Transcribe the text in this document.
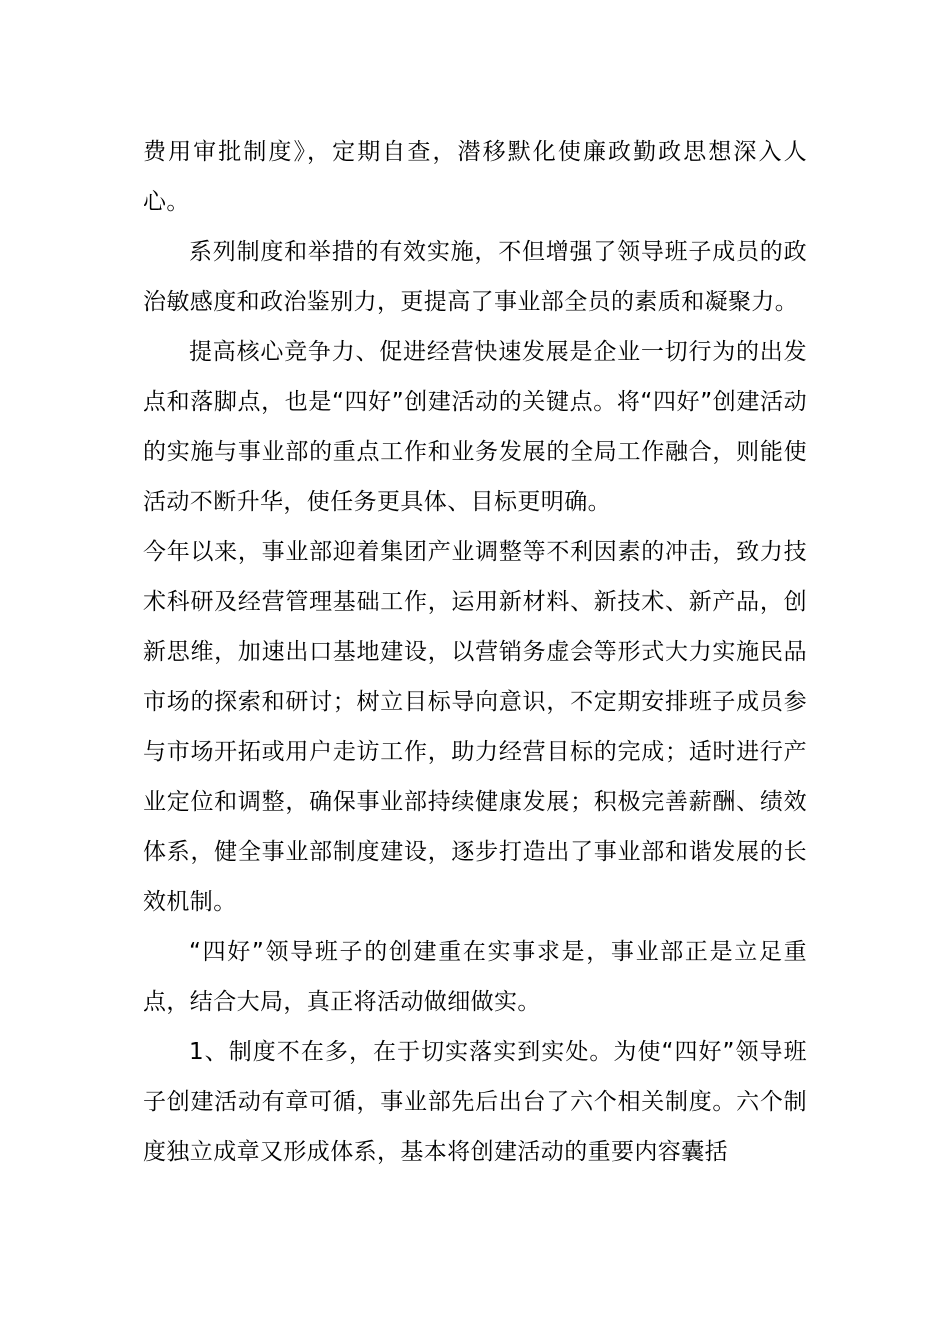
费用审批制度》，定期自查，潜移默化使廉政勤政思想深入人心。

系列制度和举措的有效实施，不但增强了领导班子成员的政治敏感度和政治鉴别力，更提高了事业部全员的素质和凝聚力。

提高核心竞争力、促进经营快速发展是企业一切行为的出发点和落脚点，也是“四好”创建活动的关键点。将“四好”创建活动的实施与事业部的重点工作和业务发展的全局工作融合，则能使活动不断升华，使任务更具体、目标更明确。

今年以来，事业部迎着集团产业调整等不利因素的冲击，致力技术科研及经营管理基础工作，运用新材料、新技术、新产品，创新思维，加速出口基地建设，以营销务虚会等形式大力实施民品市场的探索和研讨；树立目标导向意识，不定期安排班子成员参与市场开拓或用户走访工作，助力经营目标的完成；适时进行产业定位和调整，确保事业部持续健康发展；积极完善薪酬、绩效体系，健全事业部制度建设，逐步打造出了事业部和谐发展的长效机制。

“四好”领导班子的创建重在实事求是，事业部正是立足重点，结合大局，真正将活动做细做实。

1、制度不在多，在于切实落实到实处。为使“四好”领导班子创建活动有章可循，事业部先后出台了六个相关制度。六个制度独立成章又形成体系，基本将创建活动的重要内容囊括
